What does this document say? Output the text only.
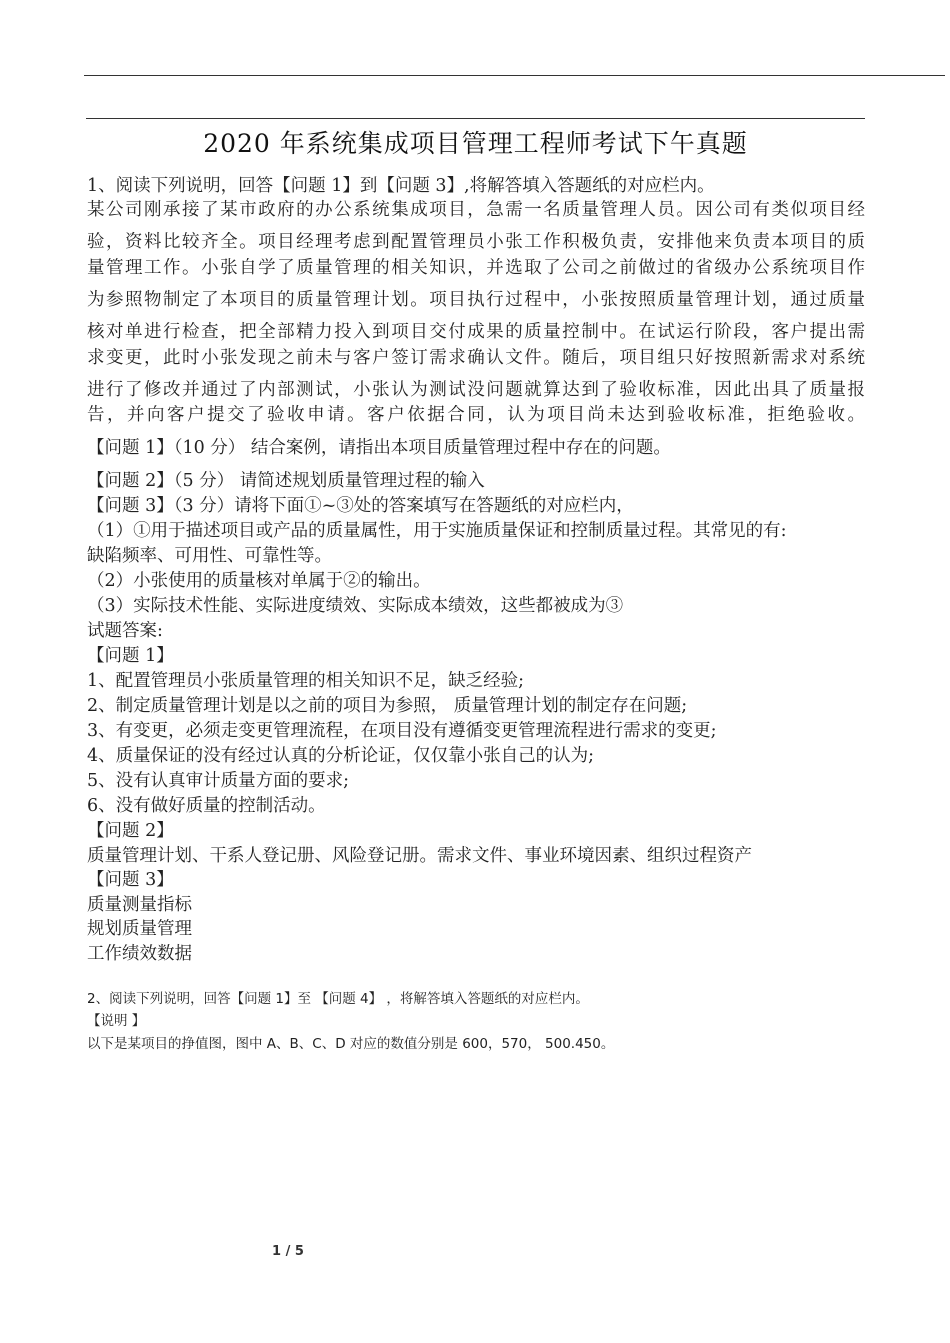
2020 年系统集成项目管理工程师考试下午真题
1、阅读下列说明，回答【问题 1】到【问题 3】,将解答填入答题纸的对应栏内。
某公司刚承接了某市政府的办公系统集成项目，急需一名质量管理人员。因公司有类似项目经
验，资料比较齐全。项目经理考虑到配置管理员小张工作积极负责，安排他来负责本项目的质
量管理工作。小张自学了质量管理的相关知识，并选取了公司之前做过的省级办公系统项目作
为参照物制定了本项目的质量管理计划。项目执行过程中，小张按照质量管理计划，通过质量
核对单进行检查，把全部精力投入到项目交付成果的质量控制中。在试运行阶段，客户提出需
求变更，此时小张发现之前未与客户签订需求确认文件。随后，项目组只好按照新需求对系统
进行了修改并通过了内部测试，小张认为测试没问题就算达到了验收标准，因此出具了质量报
告，并向客户提交了验收申请。客户依据合同，认为项目尚未达到验收标准，拒绝验收。
【问题 1】（10 分） 结合案例，请指出本项目质量管理过程中存在的问题。
【问题 2】（5 分） 请简述规划质量管理过程的输入
【问题 3】（3 分）请将下面①~③处的答案填写在答题纸的对应栏内，
（1）①用于描述项目或产品的质量属性，用于实施质量保证和控制质量过程。其常见的有:
缺陷频率、可用性、可靠性等。
（2）小张使用的质量核对单属于②的输出。
（3）实际技术性能、实际进度绩效、实际成本绩效，这些都被成为③
试题答案:
【问题 1】
1、配置管理员小张质量管理的相关知识不足，缺乏经验;
2、制定质量管理计划是以之前的项目为参照， 质量管理计划的制定存在问题;
3、有变更，必须走变更管理流程，在项目没有遵循变更管理流程进行需求的变更;
4、质量保证的没有经过认真的分析论证，仅仅靠小张自己的认为;
5、没有认真审计质量方面的要求;
6、没有做好质量的控制活动。
【问题 2】
质量管理计划、干系人登记册、风险登记册。需求文件、事业环境因素、组织过程资产
【问题 3】
质量测量指标
规划质量管理
工作绩效数据
2、阅读下列说明，回答【问题 1】至 【问题 4】 ，将解答填入答题纸的对应栏内。
【说明 】
以下是某项目的挣值图，图中 A、B、C、D 对应的数值分别是 600，570， 500.450。
1 / 5
